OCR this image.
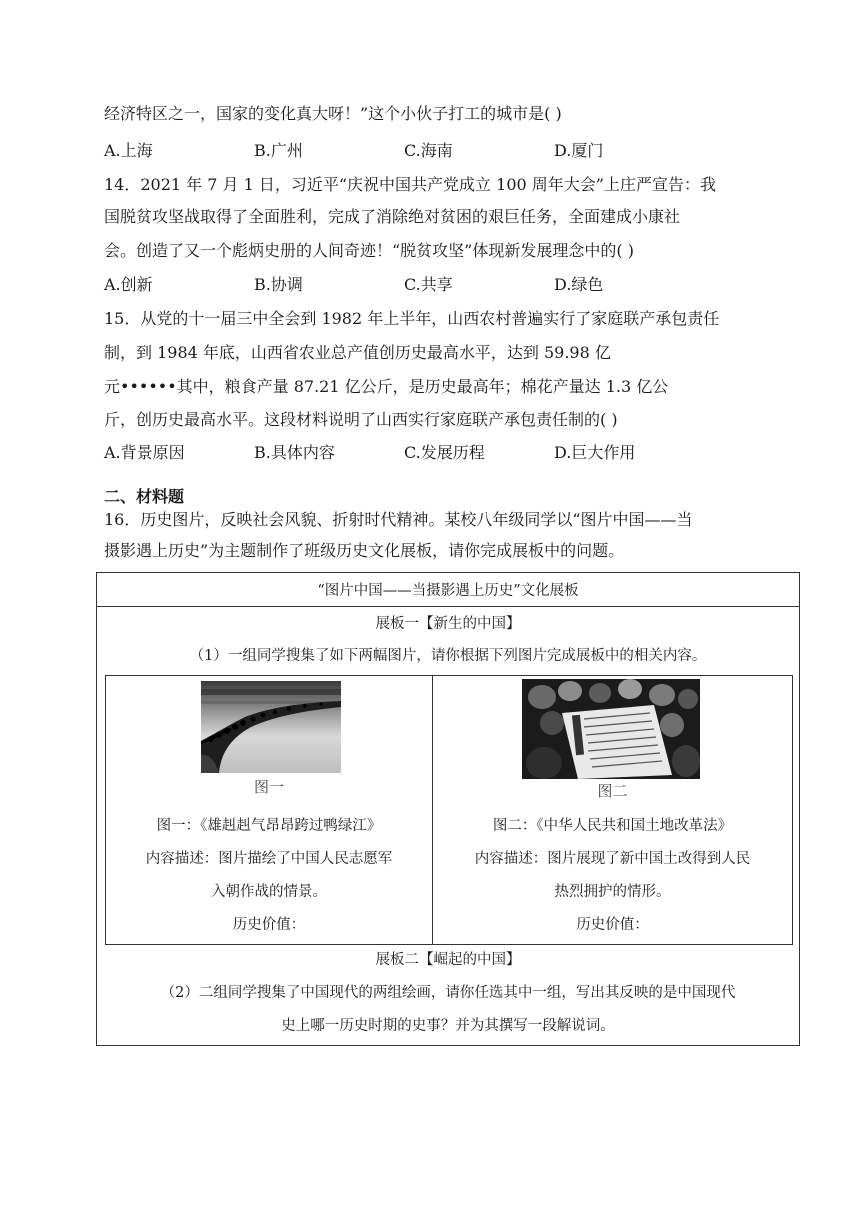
经济特区之一，国家的变化真大呀！”这个小伙子打工的城市是( )
A.上海	B.广州	C.海南	D.厦门
14．2021 年 7 月 1 日，习近平“庆祝中国共产党成立 100 周年大会”上庄严宣告：我
国脱贫攻坚战取得了全面胜利，完成了消除绝对贫困的艰巨任务，全面建成小康社
会。创造了又一个彪炳史册的人间奇迹！“脱贫攻坚”体现新发展理念中的( )
A.创新	B.协调	C.共享	D.绿色
15．从党的十一届三中全会到 1982 年上半年，山西农村普遍实行了家庭联产承包责任
制，到 1984 年底，山西省农业总产值创历史最高水平，达到 59.98 亿
元••••••其中，粮食产量 87.21 亿公斤，是历史最高年；棉花产量达 1.3 亿公
斤，创历史最高水平。这段材料说明了山西实行家庭联产承包责任制的( )
A.背景原因	B.具体内容	C.发展历程	D.巨大作用
二、材料题
16．历史图片，反映社会风貌、折射时代精神。某校八年级同学以“图片中国——当
摄影遇上历史”为主题制作了班级历史文化展板，请你完成展板中的问题。
“图片中国——当摄影遇上历史”文化展板
展板一【新生的中国】
（1）一组同学搜集了如下两幅图片，请你根据下列图片完成展板中的相关内容。
图一
图一：《雄赳赳气昂昂跨过鸭绿江》
内容描述：图片描绘了中国人民志愿军
入朝作战的情景。
历史价值：
图二
图二：《中华人民共和国土地改革法》
内容描述：图片展现了新中国土改得到人民
热烈拥护的情形。
历史价值：
展板二【崛起的中国】
（2）二组同学搜集了中国现代的两组绘画，请你任选其中一组，写出其反映的是中国现代
史上哪一历史时期的史事？并为其撰写一段解说词。
